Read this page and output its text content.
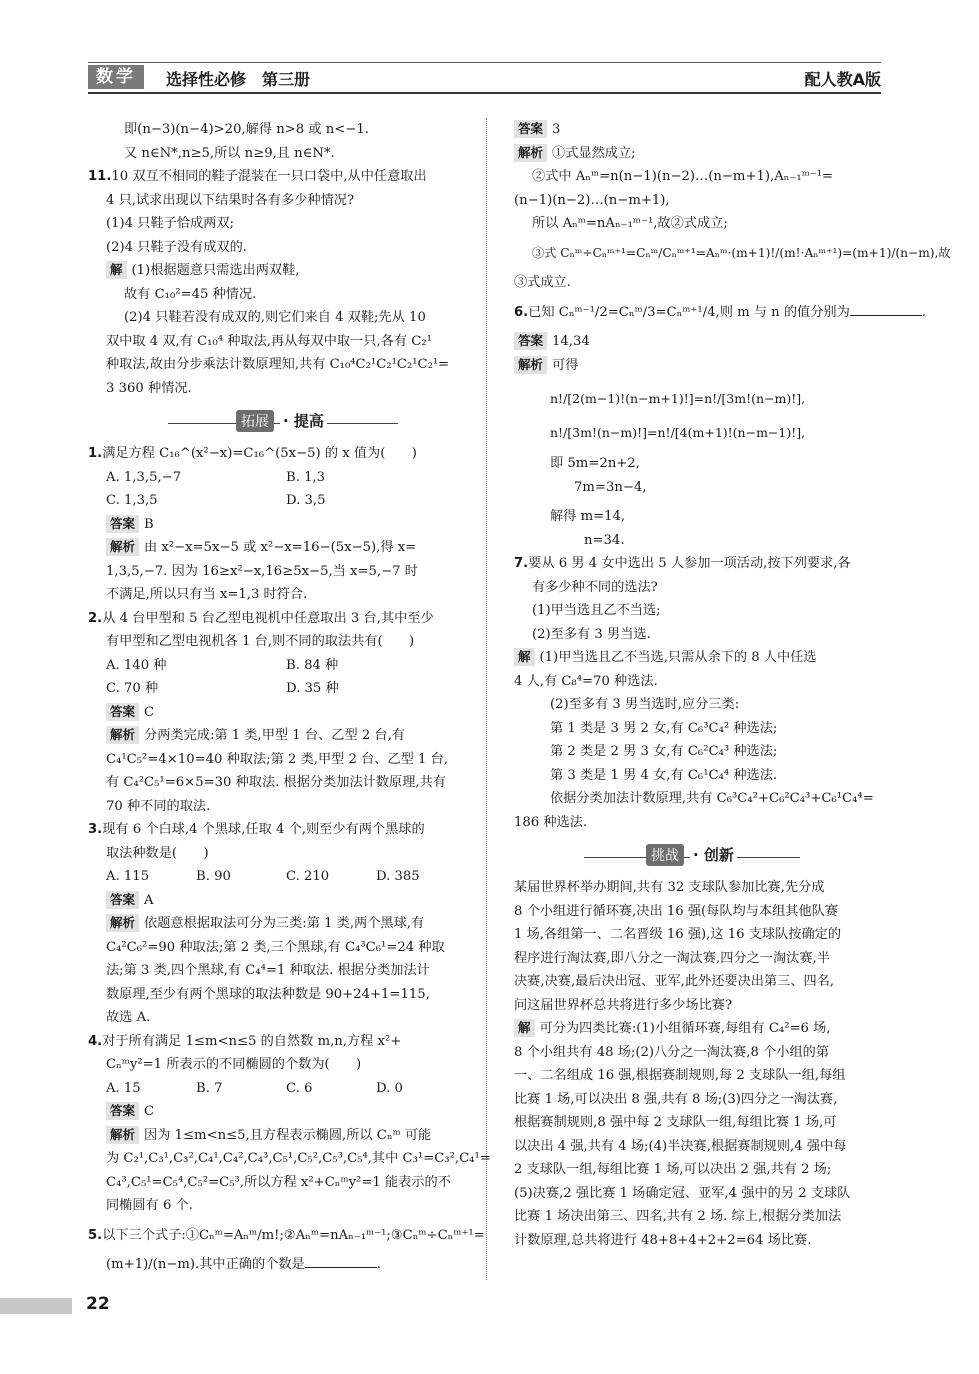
数学	选择性必修　第三册	配人教A版
即(n−3)(n−4)>20,解得 n>8 或 n<−1.
又 n∈N*,n≥5,所以 n≥9,且 n∈N*.
11.10 双互不相同的鞋子混装在一只口袋中,从中任意取出
4 只,试求出现以下结果时各有多少种情况?
(1)4 只鞋子恰成两双;
(2)4 只鞋子没有成双的.
解 (1)根据题意只需选出两双鞋,
故有 C₁₀²=45 种情况.
(2)4 只鞋若没有成双的,则它们来自 4 双鞋;先从 10
双中取 4 双,有 C₁₀⁴ 种取法,再从每双中取一只,各有 C₂¹
种取法,故由分步乘法计数原理知,共有 C₁₀⁴C₂¹C₂¹C₂¹C₂¹=
3 360 种情况.
拓展 · 提高
1.满足方程 C₁₆^(x²−x)=C₁₆^(5x−5) 的 x 值为(　　)
A. 1,3,5,−7	B. 1,3
C. 1,3,5	D. 3,5
答案 B
解析 由 x²−x=5x−5 或 x²−x=16−(5x−5),得 x=
1,3,5,−7. 因为 16≥x²−x,16≥5x−5,当 x=5,−7 时
不满足,所以只有当 x=1,3 时符合.
2.从 4 台甲型和 5 台乙型电视机中任意取出 3 台,其中至少
有甲型和乙型电视机各 1 台,则不同的取法共有(　　)
A. 140 种	B. 84 种
C. 70 种	D. 35 种
答案 C
解析 分两类完成:第 1 类,甲型 1 台、乙型 2 台,有
C₄¹C₅²=4×10=40 种取法;第 2 类,甲型 2 台、乙型 1 台,
有 C₄²C₅¹=6×5=30 种取法. 根据分类加法计数原理,共有
70 种不同的取法.
3.现有 6 个白球,4 个黑球,任取 4 个,则至少有两个黑球的
取法种数是(　　)
A. 115	B. 90	C. 210	D. 385
答案 A
解析 依题意根据取法可分为三类:第 1 类,两个黑球,有
C₄²C₆²=90 种取法;第 2 类,三个黑球,有 C₄³C₆¹=24 种取
法;第 3 类,四个黑球,有 C₄⁴=1 种取法. 根据分类加法计
数原理,至少有两个黑球的取法种数是 90+24+1=115,
故选 A.
4.对于所有满足 1≤m<n≤5 的自然数 m,n,方程 x²+
Cₙᵐy²=1 所表示的不同椭圆的个数为(　　)
A. 15	B. 7	C. 6	D. 0
答案 C
解析 因为 1≤m<n≤5,且方程表示椭圆,所以 Cₙᵐ 可能
为 C₂¹,C₃¹,C₃²,C₄¹,C₄²,C₄³,C₅¹,C₅²,C₅³,C₅⁴,其中 C₃¹=C₃²,C₄¹=
C₄³,C₅¹=C₅⁴,C₅²=C₅³,所以方程 x²+Cₙᵐy²=1 能表示的不
同椭圆有 6 个.
5.以下三个式子:①Cₙᵐ=Aₙᵐ/m!;②Aₙᵐ=nAₙ₋₁ᵐ⁻¹;③Cₙᵐ÷Cₙᵐ⁺¹=
(m+1)/(n−m).其中正确的个数是	.
答案 3
解析 ①式显然成立;
②式中 Aₙᵐ=n(n−1)(n−2)…(n−m+1),Aₙ₋₁ᵐ⁻¹=
(n−1)(n−2)…(n−m+1),
所以 Aₙᵐ=nAₙ₋₁ᵐ⁻¹,故②式成立;
③式 Cₙᵐ÷Cₙᵐ⁺¹=Cₙᵐ/Cₙᵐ⁺¹=Aₙᵐ·(m+1)!/(m!·Aₙᵐ⁺¹)=(m+1)/(n−m),故
③式成立.
6.已知 Cₙᵐ⁻¹/2=Cₙᵐ/3=Cₙᵐ⁺¹/4,则 m 与 n 的值分别为	.
答案 14,34
解析 可得
n!/[2(m−1)!(n−m+1)!]=n!/[3m!(n−m)!],
n!/[3m!(n−m)!]=n!/[4(m+1)!(n−m−1)!],
即 5m=2n+2,
7m=3n−4,
解得 m=14,
n=34.
7.要从 6 男 4 女中选出 5 人参加一项活动,按下列要求,各
有多少种不同的选法?
(1)甲当选且乙不当选;
(2)至多有 3 男当选.
解 (1)甲当选且乙不当选,只需从余下的 8 人中任选
4 人,有 C₈⁴=70 种选法.
(2)至多有 3 男当选时,应分三类:
第 1 类是 3 男 2 女,有 C₆³C₄² 种选法;
第 2 类是 2 男 3 女,有 C₆²C₄³ 种选法;
第 3 类是 1 男 4 女,有 C₆¹C₄⁴ 种选法.
依据分类加法计数原理,共有 C₆³C₄²+C₆²C₄³+C₆¹C₄⁴=
186 种选法.
挑战 · 创新
某届世界杯举办期间,共有 32 支球队参加比赛,先分成
8 个小组进行循环赛,决出 16 强(每队均与本组其他队赛
1 场,各组第一、二名晋级 16 强),这 16 支球队按确定的
程序进行淘汰赛,即八分之一淘汰赛,四分之一淘汰赛,半
决赛,决赛,最后决出冠、亚军,此外还要决出第三、四名,
问这届世界杯总共将进行多少场比赛?
解 可分为四类比赛:(1)小组循环赛,每组有 C₄²=6 场,
8 个小组共有 48 场;(2)八分之一淘汰赛,8 个小组的第
一、二名组成 16 强,根据赛制规则,每 2 支球队一组,每组
比赛 1 场,可以决出 8 强,共有 8 场;(3)四分之一淘汰赛,
根据赛制规则,8 强中每 2 支球队一组,每组比赛 1 场,可
以决出 4 强,共有 4 场;(4)半决赛,根据赛制规则,4 强中每
2 支球队一组,每组比赛 1 场,可以决出 2 强,共有 2 场;
(5)决赛,2 强比赛 1 场确定冠、亚军,4 强中的另 2 支球队
比赛 1 场决出第三、四名,共有 2 场. 综上,根据分类加法
计数原理,总共将进行 48+8+4+2+2=64 场比赛.
22
